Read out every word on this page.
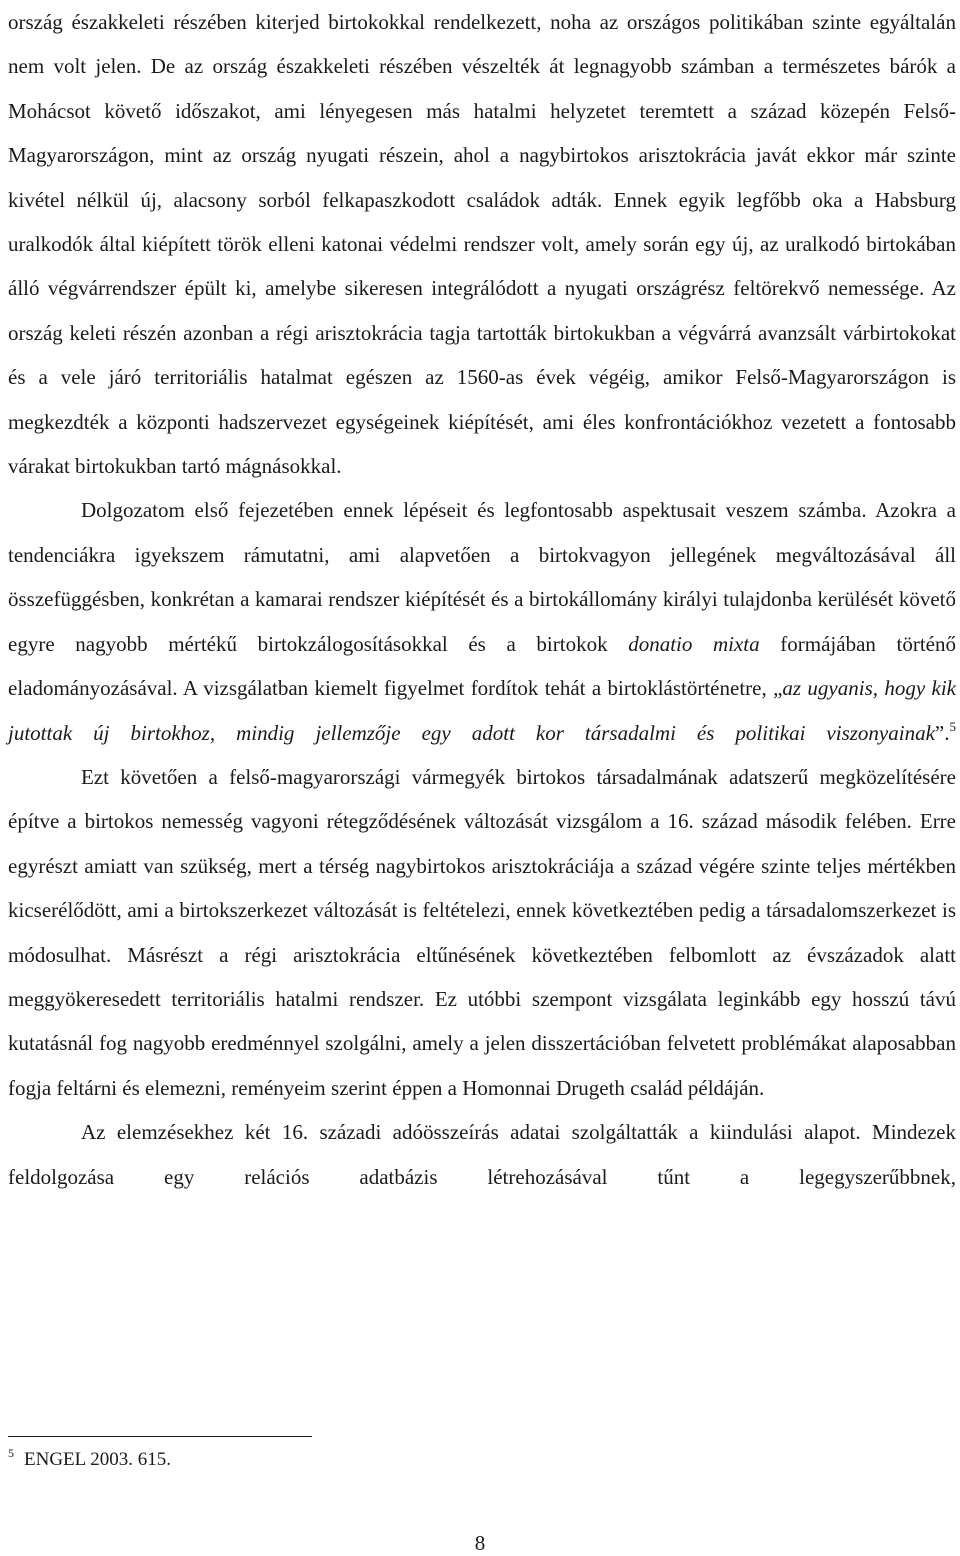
ország északkeleti részében kiterjed birtokokkal rendelkezett, noha az országos politikában szinte egyáltalán nem volt jelen. De az ország északkeleti részében vészelték át legnagyobb számban a természetes bárók a Mohácsot követő időszakot, ami lényegesen más hatalmi helyzetet teremtett a század közepén Felső-Magyarországon, mint az ország nyugati részein, ahol a nagybirtokos arisztokrácia javát ekkor már szinte kivétel nélkül új, alacsony sorból felkapaszkodott családok adták. Ennek egyik legfőbb oka a Habsburg uralkodók által kiépített török elleni katonai védelmi rendszer volt, amely során egy új, az uralkodó birtokában álló végvárrendszer épült ki, amelybe sikeresen integrálódott a nyugati országrész feltörekvő nemessége. Az ország keleti részén azonban a régi arisztokrácia tagja tartották birtokukban a végvárrá avanzsált várbirtokokat és a vele járó territoriális hatalmat egészen az 1560-as évek végéig, amikor Felső-Magyarországon is megkezdték a központi hadszervezet egységeinek kiépítését, ami éles konfrontációkhoz vezetett a fontosabb várakat birtokukban tartó mágnásokkal.

Dolgozatom első fejezetében ennek lépéseit és legfontosabb aspektusait veszem számba. Azokra a tendenciákra igyekszem rámutatni, ami alapvetően a birtokvagyon jellegének megváltozásával áll összefüggésben, konkrétan a kamarai rendszer kiépítését és a birtokállomány királyi tulajdonba kerülését követő egyre nagyobb mértékű birtokzálogosításokkal és a birtokok donatio mixta formájában történő eladományozásával. A vizsgálatban kiemelt figyelmet fordítok tehát a birtoklástörténetre, „az ugyanis, hogy kik jutottak új birtokhoz, mindig jellemzője egy adott kor társadalmi és politikai viszonyainak”.$^5$

Ezt követően a felső-magyarországi vármegyék birtokos társadalmának adatszerű megközelítésére építve a birtokos nemesség vagyoni rétegződésének változását vizsgálom a 16. század második felében. Erre egyrészt amiatt van szükség, mert a térség nagybirtokos arisztokráciája a század végére szinte teljes mértékben kicserélődött, ami a birtokszerkezet változását is feltételezi, ennek következtében pedig a társadalomszerkezet is módosulhat. Másrészt a régi arisztokrácia eltűnésének következtében felbomlott az évszázadok alatt meggyökeresedett territoriális hatalmi rendszer. Ez utóbbi szempont vizsgálata leginkább egy hosszú távú kutatásnál fog nagyobb eredménnyel szolgálni, amely a jelen disszertációban felvetett problémákat alaposabban fogja feltárni és elemezni, reményeim szerint éppen a Homonnai Drugeth család példáján.

Az elemzésekhez két 16. századi adóösszeírás adatai szolgáltatták a kiindulási alapot. Mindezek feldolgozása egy relációs adatbázis létrehozásával tűnt a legegyszerűbbnek,

$^5$ ENGEL 2003. 615.
8
